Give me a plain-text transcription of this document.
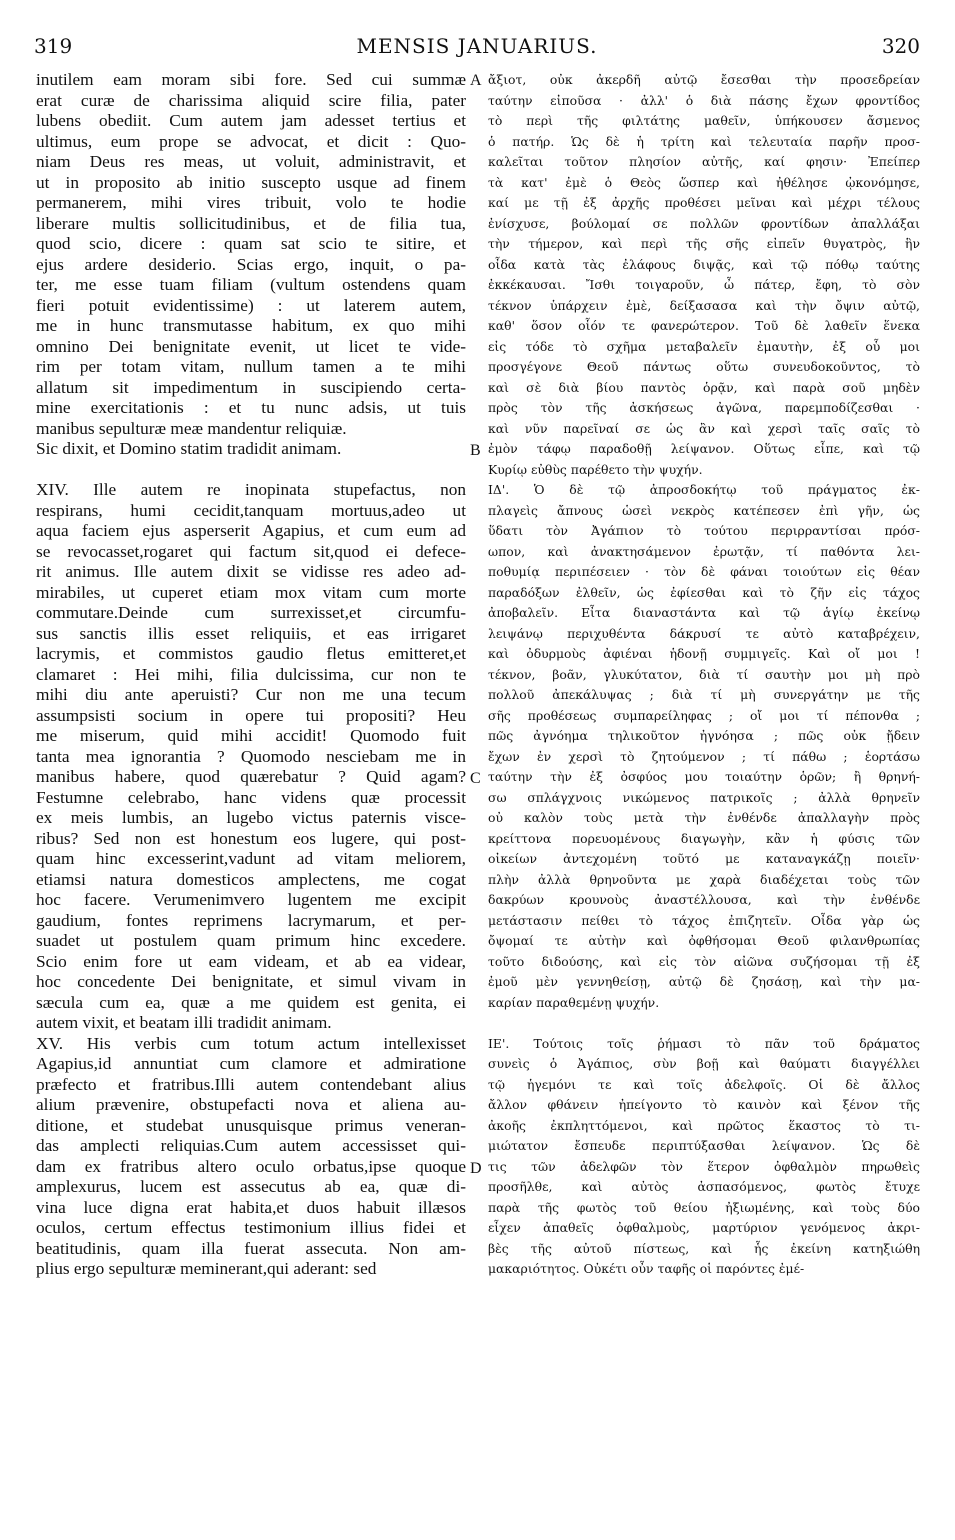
319	MENSIS JANUARIUS.	320
inutilem eam moram sibi fore. Sed cui summæ
erat curæ de charissima aliquid scire filia, pater
lubens obediit. Cum autem jam adesset tertius et
ultimus, eum prope se advocat, et dicit : Quo-
niam Deus res meas, ut voluit, administravit, et
ut in proposito ab initio suscepto usque ad finem
permanerem, mihi vires tribuit, volo te hodie
liberare multis sollicitudinibus, et de filia tua,
quod scio, dicere : quam sat scio te sitire, et
ejus ardere desiderio. Scias ergo, inquit, o pa-
ter, me esse tuam filiam (vultum ostendens quam
fieri potuit evidentissime) : ut laterem autem,
me in hunc transmutasse habitum, ex quo mihi
omnino Dei benignitate evenit, ut licet te vide-
rim per totam vitam, nullum tamen a te mihi
allatum sit impedimentum in suscipiendo certa-
mine exercitationis : et tu nunc adsis, ut tuis
manibus sepulturæ meæ mandentur reliquiæ.
Sic dixit, et Domino statim tradidit animam.
XIV. Ille autem re inopinata stupefactus, non
respirans, humi cecidit,tanquam mortuus,adeo ut
aqua faciem ejus asperserit Agapius, et cum eum ad
se revocasset,rogaret qui factum sit,quod ei defece-
rit animus. Ille autem dixit se vidisse res adeo ad-
mirabiles, ut cuperet etiam mox vitam cum morte
commutare.Deinde cum surrexisset,et circumfu-
sus sanctis illis esset reliquiis, et eas irrigaret
lacrymis, et commistos gaudio fletus emitteret,et
clamaret : Hei mihi, filia dulcissima, cur non te
mihi diu ante aperuisti? Cur non me una tecum
assumpsisti socium in opere tui propositi? Heu
me miserum, quid mihi accidit! Quomodo fuit
tanta mea ignorantia ? Quomodo nesciebam me in
manibus habere, quod quærebatur ? Quid agam?
Festumne celebrabo, hanc videns quæ processit
ex meis lumbis, an lugebo victus paternis visce-
ribus? Sed non est honestum eos lugere, qui post-
quam hinc excesserint,vadunt ad vitam meliorem,
etiamsi natura domesticos amplectens, me cogat
hoc facere. Verumenimvero lugentem me excipit
gaudium, fontes reprimens lacrymarum, et per-
suadet ut postulem quam primum hinc excedere.
Scio enim fore ut eam videam, et ab ea videar,
hoc concedente Dei benignitate, et simul vivam in
sæcula cum ea, quæ a me quidem est genita, ei
autem vixit, et beatam illi tradidit animam.
XV. His verbis cum totum actum intellexisset
Agapius,id annuntiat cum clamore et admiratione
præfecto et fratribus.Illi autem contendebant alius
alium prævenire, obstupefacti nova et aliena au-
ditione, et studebat unusquisque primus veneran-
das amplecti reliquias.Cum autem accessisset qui-
dam ex fratribus altero oculo orbatus,ipse quoque
amplexurus, lucem est assecutus ab ea, quæ di-
vina luce digna erat habita,et duos habuit illæsos
oculos, certum effectus testimonium illius fidei et
beatitudinis, quam illa fuerat assecuta. Non am-
plius ergo sepulturæ meminerant,qui aderant: sed
ἄξιοτ, οὐκ ἀκερδῆ αὐτῷ ἔσεσθαι τὴν προσεδρείαν
ταύτην εἰποῦσα · ἀλλ' ὁ διὰ πάσης ἔχων φροντίδος
τὸ περὶ τῆς φιλτάτης μαθεῖν, ὑπήκουσεν ἄσμενος
ὁ πατήρ. Ὡς δὲ ἡ τρίτη καὶ τελευταία παρῆν προσ-
καλεῖται τοῦτον πλησίον αὐτῆς, καί φησιν· Ἐπείπερ
τὰ κατ' ἐμὲ ὁ Θεὸς ὥσπερ καὶ ἠθέλησε ᾠκονόμησε,
καί με τῇ ἐξ ἀρχῆς προθέσει μεῖναι καὶ μέχρι τέλους
ἐνίσχυσε, βούλομαί σε πολλῶν φροντίδων ἀπαλλάξαι
τὴν τήμερον, καὶ περὶ τῆς σῆς εἰπεῖν θυγατρὸς, ἣν
οἶδα κατὰ τὰς ἐλάφους διψᾷς, καὶ τῷ πόθῳ ταύτης
ἐκκέκαυσαι. Ἴσθι τοιγαροῦν, ὦ πάτερ, ἔφη, τὸ σὸν
τέκνον ὑπάρχειν ἐμὲ, δείξασασα καὶ τὴν ὄψιν αὐτῷ,
καθ' ὅσον οἷόν τε φανερώτερον. Τοῦ δὲ λαθεῖν ἕνεκα
εἰς τόδε τὸ σχῆμα μεταβαλεῖν ἐμαυτὴν, ἐξ οὗ μοι
προσγέγονε Θεοῦ πάντως οὕτω συνευδοκοῦντος, τὸ
καὶ σὲ διὰ βίου παντὸς ὁρᾷν, καὶ παρὰ σοῦ μηδὲν
πρὸς τὸν τῆς ἀσκήσεως ἀγῶνα, παρεμποδίζεσθαι ·
καὶ νῦν παρεῖναί σε ὡς ἂν καὶ χερσὶ ταῖς σαῖς τὸ
ἐμὸν τάφῳ παραδοθῇ λείψανον. Οὕτως εἶπε, καὶ τῷ
Κυρίῳ εὐθὺς παρέθετο τὴν ψυχήν.
ΙΔ'. Ὁ δὲ τῷ ἀπροσδοκήτῳ τοῦ πράγματος ἐκ-
πλαγεὶς ἄπνους ὡσεὶ νεκρὸς κατέπεσεν ἐπὶ γῆν, ὡς
ὕδατι τὸν Ἀγάπιον τὸ τούτου περιρραντίσαι πρόσ-
ωπον, καὶ ἀνακτησάμενον ἐρωτᾷν, τί παθόντα λει-
ποθυμίᾳ περιπέσειεν · τὸν δὲ φάναι τοιούτων εἰς θέαν
παραδόξων ἐλθεῖν, ὡς ἐφίεσθαι καὶ τὸ ζῆν εἰς τάχος
ἀποβαλεῖν. Εἶτα διαναστάντα καὶ τῷ ἁγίῳ ἐκείνῳ
λειψάνῳ περιχυθέντα δάκρυσί τε αὐτὸ καταβρέχειν,
καὶ ὀδυρμοὺς ἀφιέναι ἡδονῇ συμμιγεῖς. Καὶ οἴ μοι !
τέκνον, βοᾶν, γλυκύτατον, διὰ τί σαυτὴν μοι μὴ πρὸ
πολλοῦ ἀπεκάλυψας ; διὰ τί μὴ συνεργάτην με τῆς
σῆς προθέσεως συμπαρείληφας ; οἴ μοι τί πέπονθα ;
πῶς ἀγνόημα τηλικοῦτον ἠγνόησα ; πῶς οὐκ ᾔδειν
ἔχων ἐν χερσὶ τὸ ζητούμενον ; τί πάθω ; ἑορτάσω
ταύτην τὴν ἐξ ὀσφύος μου τοιαύτην ὁρῶν; ἢ θρηνή-
σω σπλάγχνοις νικώμενος πατρικοῖς ; ἀλλὰ θρηνεῖν
οὐ καλὸν τοὺς μετὰ τὴν ἐνθένδε ἀπαλλαγὴν πρὸς
κρείττονα πορευομένους διαγωγὴν, κἂν ἡ φύσις τῶν
οἰκείων ἀντεχομένη τοῦτό με καταναγκάζῃ ποιεῖν·
πλὴν ἀλλὰ θρηνοῦντα με χαρὰ διαδέχεται τοὺς τῶν
δακρύων κρουνοὺς ἀναστέλλουσα, καὶ τὴν ἐνθένδε
μετάστασιν πείθει τὸ τάχος ἐπιζητεῖν. Οἶδα γὰρ ὡς
ὄψομαί τε αὐτὴν καὶ ὀφθήσομαι Θεοῦ φιλανθρωπίας
τοῦτο διδούσης, καὶ εἰς τὸν αἰῶνα συζήσομαι τῇ ἐξ
ἐμοῦ μὲν γεννηθείσῃ, αὐτῷ δὲ ζησάσῃ, καὶ τὴν μα-
καρίαν παραθεμένῃ ψυχήν.
ΙΕ'. Τούτοις τοῖς ῥήμασι τὸ πᾶν τοῦ δράματος
συνεὶς ὁ Ἀγάπιος, σὺν βοῇ καὶ θαύματι διαγγέλλει
τῷ ἡγεμόνι τε καὶ τοῖς ἀδελφοῖς. Οἱ δὲ ἄλλος
ἄλλον φθάνειν ἠπείγοντο τὸ καινὸν καὶ ξένον τῆς
ἀκοῆς ἐκπληττόμενοι, καὶ πρῶτος ἕκαστος τὸ τι-
μιώτατον ἔσπευδε περιπτύξασθαι λείψανον. Ὡς δὲ
τις τῶν ἀδελφῶν τὸν ἕτερον ὀφθαλμὸν πηρωθεὶς
προσῆλθε, καὶ αὐτὸς ἀσπασόμενος, φωτὸς ἔτυχε
παρὰ τῆς φωτὸς τοῦ θείου ἠξιωμένης, καὶ τοὺς δύο
εἶχεν ἀπαθεῖς ὀφθαλμοὺς, μαρτύριον γενόμενος ἀκρι-
βὲς τῆς αὐτοῦ πίστεως, καὶ ἧς ἐκείνη κατηξιώθη
μακαριότητος. Οὐκέτι οὖν ταφῆς οἱ παρόντες ἐμέ-
A
B
C
D
